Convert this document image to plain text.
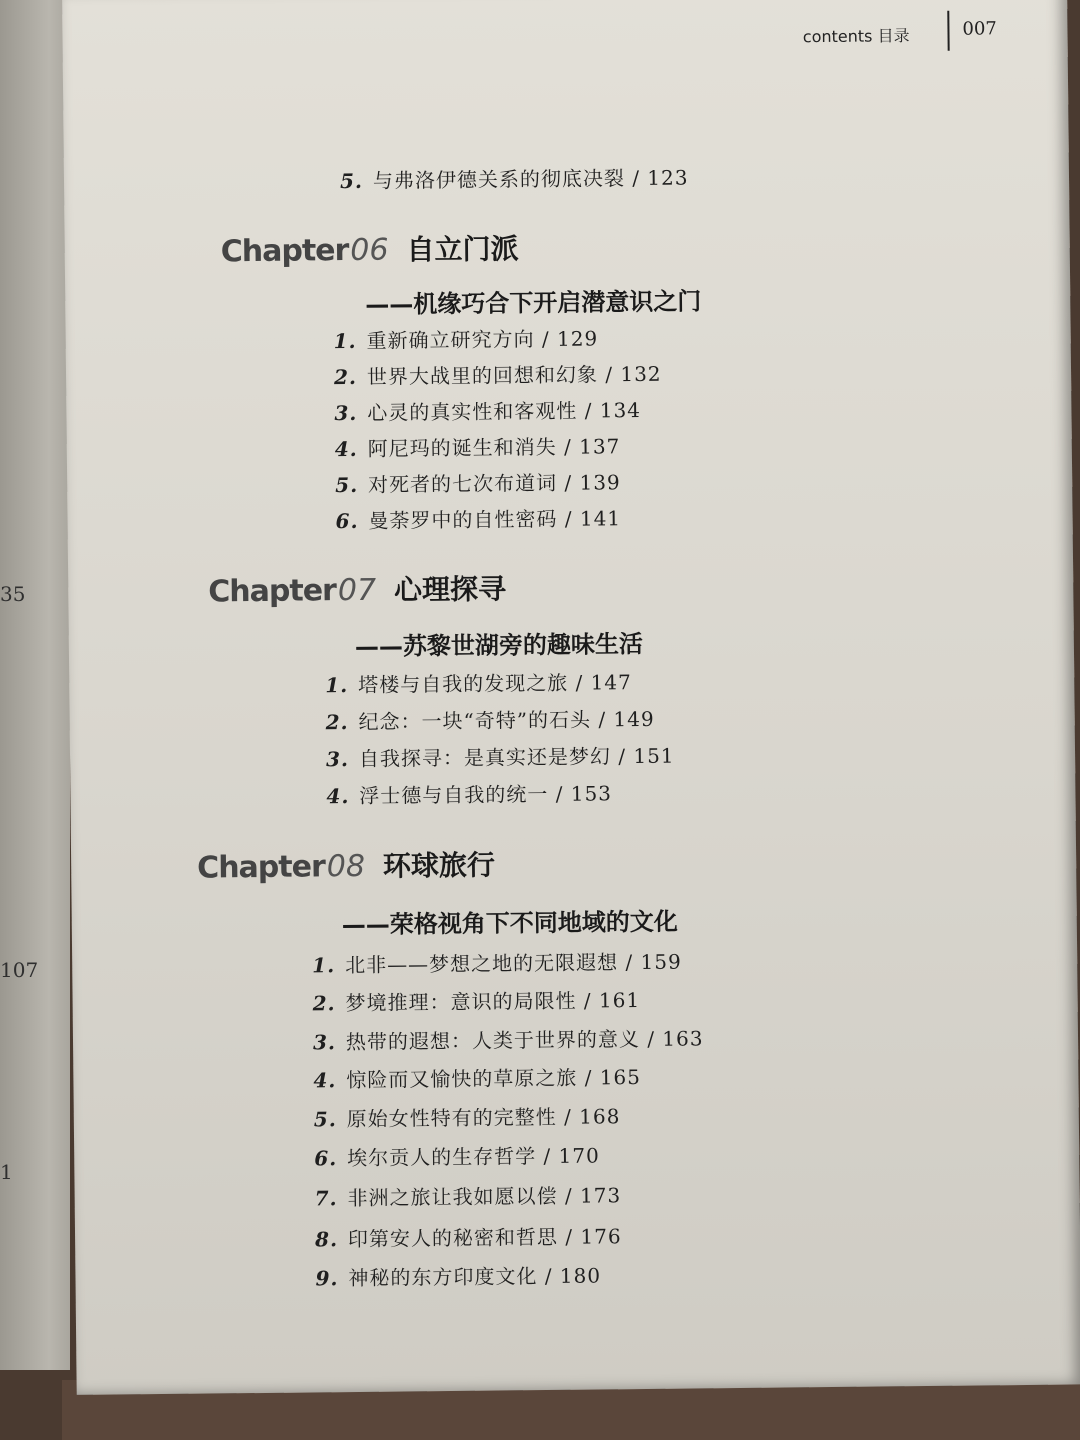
35
107
1
contents 目录	007
5. 与弗洛伊德关系的彻底决裂 / 123
Chapter06 自立门派
——机缘巧合下开启潜意识之门
1. 重新确立研究方向 / 129
2. 世界大战里的回想和幻象 / 132
3. 心灵的真实性和客观性 / 134
4. 阿尼玛的诞生和消失 / 137
5. 对死者的七次布道词 / 139
6. 曼荼罗中的自性密码 / 141
Chapter07 心理探寻
——苏黎世湖旁的趣味生活
1. 塔楼与自我的发现之旅 / 147
2. 纪念：一块“奇特”的石头 / 149
3. 自我探寻：是真实还是梦幻 / 151
4. 浮士德与自我的统一 / 153
Chapter08 环球旅行
——荣格视角下不同地域的文化
1. 北非——梦想之地的无限遐想 / 159
2. 梦境推理：意识的局限性 / 161
3. 热带的遐想：人类于世界的意义 / 163
4. 惊险而又愉快的草原之旅 / 165
5. 原始女性特有的完整性 / 168
6. 埃尔贡人的生存哲学 / 170
7. 非洲之旅让我如愿以偿 / 173
8. 印第安人的秘密和哲思 / 176
9. 神秘的东方印度文化 / 180
